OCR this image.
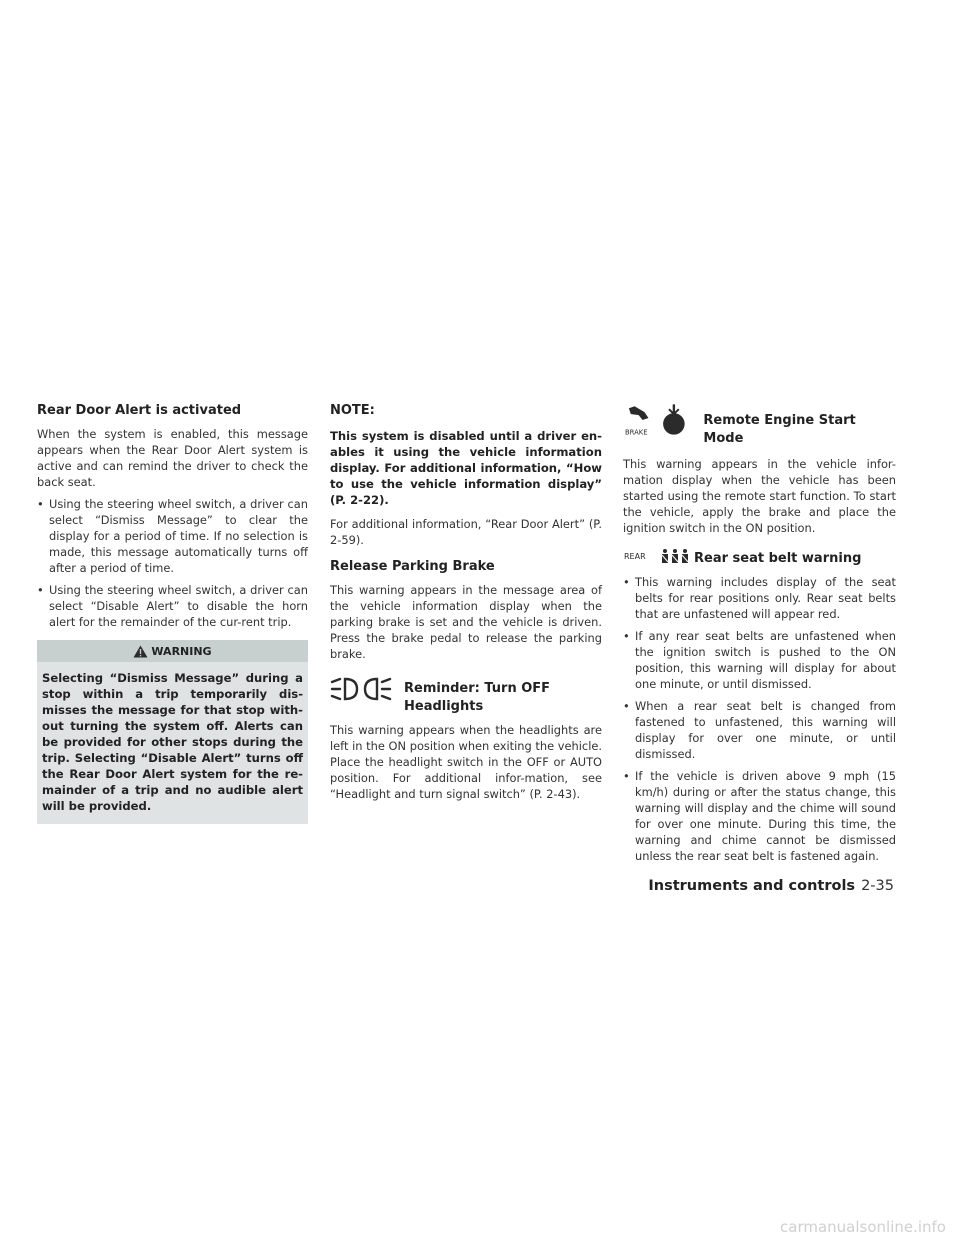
Rear Door Alert is activated

When the system is enabled, this message appears when the Rear Door Alert system is active and can remind the driver to check the back seat.

• Using the steering wheel switch, a driver can select “Dismiss Message” to clear the display for a period of time. If no selection is made, this message automatically turns off after a period of time.
• Using the steering wheel switch, a driver can select “Disable Alert” to disable the horn alert for the remainder of the cur-rent trip.
WARNING

Selecting “Dismiss Message” during a stop within a trip temporarily dis-misses the message for that stop with-out turning the system off. Alerts can be provided for other stops during the trip. Selecting “Disable Alert” turns off the Rear Door Alert system for the re-mainder of a trip and no audible alert will be provided.

NOTE:

This system is disabled until a driver en-ables it using the vehicle information display. For additional information, “How to use the vehicle information display” (P. 2-22).

For additional information, “Rear Door Alert” (P. 2-59).

Release Parking Brake

This warning appears in the message area of the vehicle information display when the parking brake is set and the vehicle is driven. Press the brake pedal to release the parking brake.

Reminder: Turn OFF
Headlights

This warning appears when the headlights are left in the ON position when exiting the vehicle. Place the headlight switch in the OFF or AUTO position. For additional infor-mation, see “Headlight and turn signal switch” (P. 2-43).

BRAKE
Remote Engine Start Mode

This warning appears in the vehicle infor-mation display when the vehicle has been started using the remote start function. To start the vehicle, apply the brake and place the ignition switch in the ON position.

REAR	Rear seat belt warning
• This warning includes display of the seat belts for rear positions only. Rear seat belts that are unfastened will appear red.
• If any rear seat belts are unfastened when the ignition switch is pushed to the ON position, this warning will display for about one minute, or until dismissed.
• When a rear seat belt is changed from fastened to unfastened, this warning will display for over one minute, or until dismissed.
• If the vehicle is driven above 9 mph (15 km/h) during or after the status change, this warning will display and the chime will sound for over one minute. During this time, the warning and chime cannot be dismissed unless the rear seat belt is fastened again.
Instruments and controls 2-35
carmanualsonline.info
